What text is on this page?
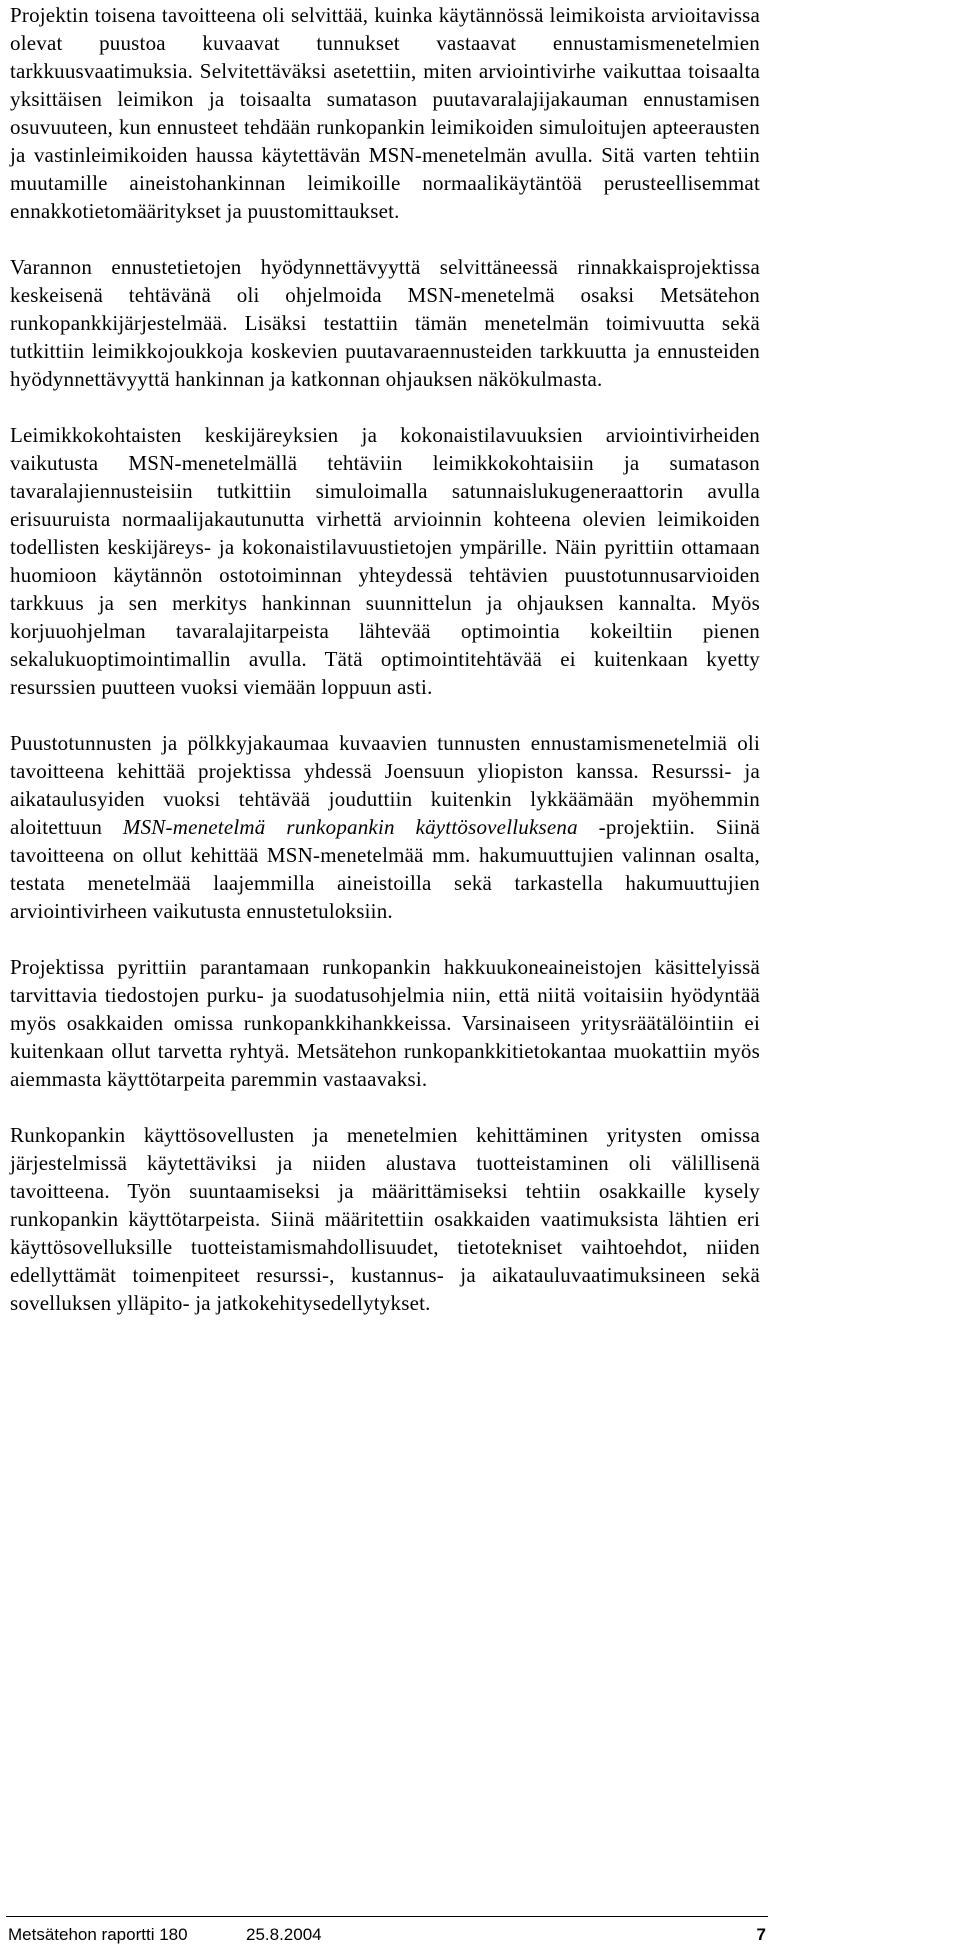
Projektin toisena tavoitteena oli selvittää, kuinka käytännössä leimikoista arvioitavissa olevat puustoa kuvaavat tunnukset vastaavat ennustamismenetelmien tarkkuusvaatimuksia. Selvitettäväksi asetettiin, miten arviointivirhe vaikuttaa toisaalta yksittäisen leimikon ja toisaalta sumatason puutavaralajijakauman ennustamisen osuvuuteen, kun ennusteet tehdään runkopankin leimikoiden simuloitujen apteerausten ja vastinleimikoiden haussa käytettävän MSN-menetelmän avulla. Sitä varten tehtiin muutamille aineistohankinnan leimikoille normaalikäytäntöä perusteellisemmat ennakkotietomääritykset ja puustomittaukset.

Varannon ennustetietojen hyödynnettävyyttä selvittäneessä rinnakkaisprojektissa keskeisenä tehtävänä oli ohjelmoida MSN-menetelmä osaksi Metsätehon runkopankkijärjestelmää. Lisäksi testattiin tämän menetelmän toimivuutta sekä tutkittiin leimikkojoukkoja koskevien puutavaraennusteiden tarkkuutta ja ennusteiden hyödynnettävyyttä hankinnan ja katkonnan ohjauksen näkökulmasta.

Leimikkokohtaisten keskijäreyksien ja kokonaistilavuuksien arviointivirheiden vaikutusta MSN-menetelmällä tehtäviin leimikkokohtaisiin ja sumatason tavaralajiennusteisiin tutkittiin simuloimalla satunnaislukugeneraattorin avulla erisuuruista normaalijakautunutta virhettä arvioinnin kohteena olevien leimikoiden todellisten keskijäreys- ja kokonaistilavuustietojen ympärille. Näin pyrittiin ottamaan huomioon käytännön ostotoiminnan yhteydessä tehtävien puustotunnusarvioiden tarkkuus ja sen merkitys hankinnan suunnittelun ja ohjauksen kannalta. Myös korjuuohjelman tavaralajitarpeista lähtevää optimointia kokeiltiin pienen sekalukuoptimointimallin avulla. Tätä optimointitehtävää ei kuitenkaan kyetty resurssien puutteen vuoksi viemään loppuun asti.

Puustotunnusten ja pölkkyjakaumaa kuvaavien tunnusten ennustamismenetelmiä oli tavoitteena kehittää projektissa yhdessä Joensuun yliopiston kanssa. Resurssi- ja aikataulusyiden vuoksi tehtävää jouduttiin kuitenkin lykkäämään myöhemmin aloitettuun MSN-menetelmä runkopankin käyttösovelluksena -projektiin. Siinä tavoitteena on ollut kehittää MSN-menetelmää mm. hakumuuttujien valinnan osalta, testata menetelmää laajemmilla aineistoilla sekä tarkastella hakumuuttujien arviointivirheen vaikutusta ennustetuloksiin.

Projektissa pyrittiin parantamaan runkopankin hakkuukoneaineistojen käsittelyissä tarvittavia tiedostojen purku- ja suodatusohjelmia niin, että niitä voitaisiin hyödyntää myös osakkaiden omissa runkopankkihankkeissa. Varsinaiseen yritysräätälöintiin ei kuitenkaan ollut tarvetta ryhtyä. Metsätehon runkopankkitietokantaa muokattiin myös aiemmasta käyttötarpeita paremmin vastaavaksi.

Runkopankin käyttösovellusten ja menetelmien kehittäminen yritysten omissa järjestelmissä käytettäviksi ja niiden alustava tuotteistaminen oli välillisenä tavoitteena. Työn suuntaamiseksi ja määrittämiseksi tehtiin osakkaille kysely runkopankin käyttötarpeista. Siinä määritettiin osakkaiden vaatimuksista lähtien eri käyttösovelluksille tuotteistamismahdollisuudet, tietotekniset vaihtoehdot, niiden edellyttämät toimenpiteet resurssi-, kustannus- ja aikatauluvaatimuksineen sekä sovelluksen ylläpito- ja jatkokehitysedellytykset.

Metsätehon raportti 180	25.8.2004	7
